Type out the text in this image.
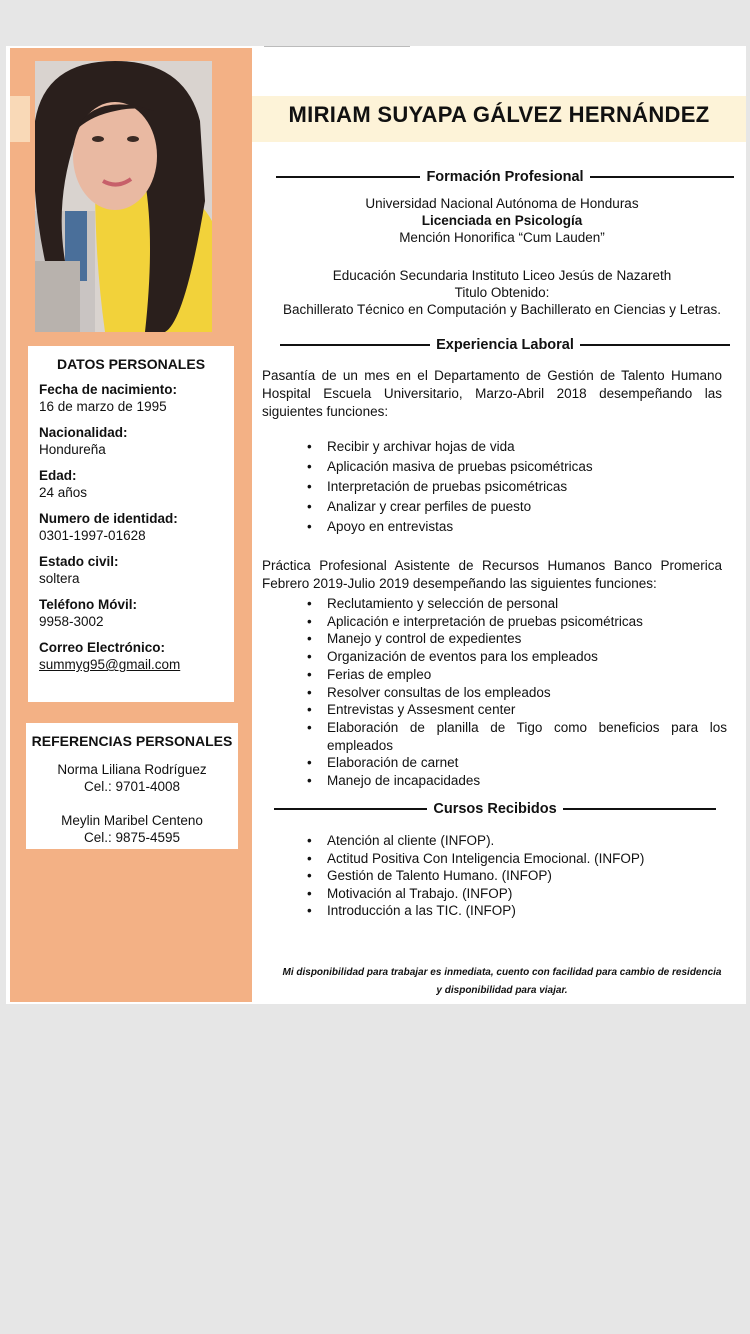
MIRIAM SUYAPA GÁLVEZ HERNÁNDEZ
DATOS PERSONALES
Fecha de nacimiento:
16 de marzo de 1995
Nacionalidad:
Hondureña
Edad:
24 años
Numero de identidad:
0301-1997-01628
Estado civil:
soltera
Teléfono Móvil:
9958-3002
Correo Electrónico:
summyg95@gmail.com
REFERENCIAS PERSONALES
Norma Liliana Rodríguez
Cel.: 9701-4008
Meylin Maribel Centeno
Cel.: 9875-4595
Formación Profesional
Universidad Nacional Autónoma de Honduras
Licenciada en Psicología
Mención Honorifica “Cum Lauden”
Educación Secundaria Instituto Liceo Jesús de Nazareth
Titulo Obtenido:
Bachillerato Técnico en Computación y Bachillerato en Ciencias y Letras.
Experiencia Laboral
Pasantía de un mes en el Departamento de Gestión de Talento Humano Hospital Escuela Universitario, Marzo-Abril 2018 desempeñando las siguientes funciones:
• Recibir y archivar hojas de vida
• Aplicación masiva de pruebas psicométricas
• Interpretación de pruebas psicométricas
• Analizar y crear perfiles de puesto
• Apoyo en entrevistas
Práctica Profesional Asistente de Recursos Humanos Banco Promerica Febrero 2019-Julio 2019 desempeñando las siguientes funciones:
• Reclutamiento y selección de personal
• Aplicación e interpretación de pruebas psicométricas
• Manejo y control de expedientes
• Organización de eventos para los empleados
• Ferias de empleo
• Resolver consultas de los empleados
• Entrevistas y Assesment center
• Elaboración de planilla de Tigo como beneficios para los empleados
• Elaboración de carnet
• Manejo de incapacidades
Cursos Recibidos
• Atención al cliente (INFOP).
• Actitud Positiva Con Inteligencia Emocional. (INFOP)
• Gestión de Talento Humano. (INFOP)
• Motivación al Trabajo. (INFOP)
• Introducción a las TIC. (INFOP)
Mi disponibilidad para trabajar es inmediata, cuento con facilidad para cambio de residencia
y disponibilidad para viajar.
